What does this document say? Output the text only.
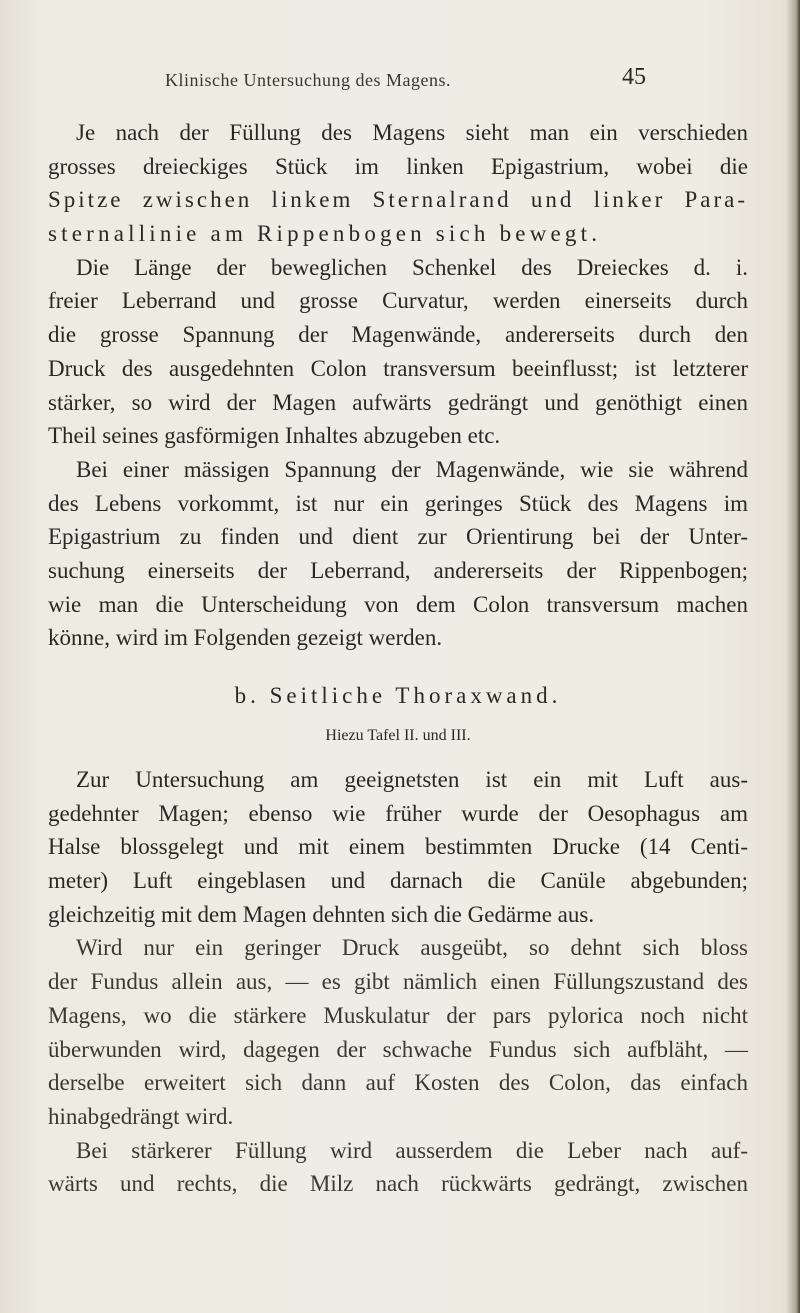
Klinische Untersuchung des Magens.	45
Je nach der Füllung des Magens sieht man ein verschieden
grosses dreieckiges Stück im linken Epigastrium, wobei die
Spitze zwischen linkem Sternalrand und linker Para-
sternallinie am Rippenbogen sich bewegt.
Die Länge der beweglichen Schenkel des Dreieckes d. i.
freier Leberrand und grosse Curvatur, werden einerseits durch
die grosse Spannung der Magenwände, andererseits durch den
Druck des ausgedehnten Colon transversum beeinflusst; ist letzterer
stärker, so wird der Magen aufwärts gedrängt und genöthigt einen
Theil seines gasförmigen Inhaltes abzugeben etc.
Bei einer mässigen Spannung der Magenwände, wie sie während
des Lebens vorkommt, ist nur ein geringes Stück des Magens im
Epigastrium zu finden und dient zur Orientirung bei der Unter-
suchung einerseits der Leberrand, andererseits der Rippenbogen;
wie man die Unterscheidung von dem Colon transversum machen
könne, wird im Folgenden gezeigt werden.
b. Seitliche Thoraxwand.
Hiezu Tafel II. und III.
Zur Untersuchung am geeignetsten ist ein mit Luft aus-
gedehnter Magen; ebenso wie früher wurde der Oesophagus am
Halse blossgelegt und mit einem bestimmten Drucke (14 Centi-
meter) Luft eingeblasen und darnach die Canüle abgebunden;
gleichzeitig mit dem Magen dehnten sich die Gedärme aus.
Wird nur ein geringer Druck ausgeübt, so dehnt sich bloss
der Fundus allein aus, — es gibt nämlich einen Füllungszustand des
Magens, wo die stärkere Muskulatur der pars pylorica noch nicht
überwunden wird, dagegen der schwache Fundus sich aufbläht, —
derselbe erweitert sich dann auf Kosten des Colon, das einfach
hinabgedrängt wird.
Bei stärkerer Füllung wird ausserdem die Leber nach auf-
wärts und rechts, die Milz nach rückwärts gedrängt, zwischen
